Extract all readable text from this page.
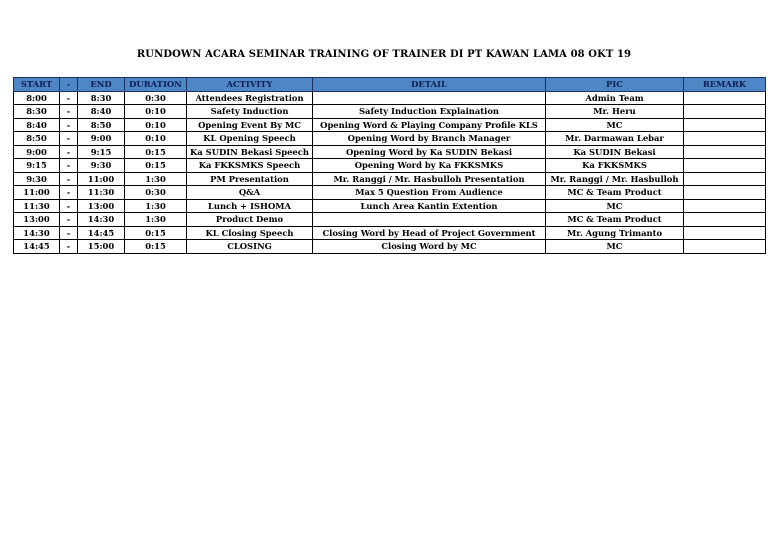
RUNDOWN ACARA SEMINAR TRAINING OF TRAINER DI PT KAWAN LAMA 08 OKT 19
START	-	END	DURATION	ACTIVITY	DETAIL	PIC	REMARK
8:00	-	8:30	0:30	Attendees Registration		Admin Team	
8:30	-	8:40	0:10	Safety Induction	Safety Induction Explaination	Mr. Heru	
8:40	-	8:50	0:10	Opening Event By MC	Opening Word & Playing Company Profile KLS	MC	
8:50	-	9:00	0:10	KL Opening Speech	Opening Word by Branch Manager	Mr. Darmawan Lebar	
9:00	-	9:15	0:15	Ka SUDIN Bekasi Speech	Opening Word by Ka SUDIN Bekasi	Ka SUDIN Bekasi	
9:15	-	9:30	0:15	Ka FKKSMKS Speech	Opening Word by Ka FKKSMKS	Ka FKKSMKS	
9:30	-	11:00	1:30	PM Presentation	Mr. Ranggi / Mr. Hasbulloh Presentation	Mr. Ranggi / Mr. Hasbulloh	
11:00	-	11:30	0:30	Q&A	Max 5 Question From Audience	MC & Team Product	
11:30	-	13:00	1:30	Lunch + ISHOMA	Lunch Area Kantin Extention	MC	
13:00	-	14:30	1:30	Product Demo		MC & Team Product	
14:30	-	14:45	0:15	KL Closing Speech	Closing Word by Head of Project Government	Mr. Agung Trimanto	
14:45	-	15:00	0:15	CLOSING	Closing Word by MC	MC	
